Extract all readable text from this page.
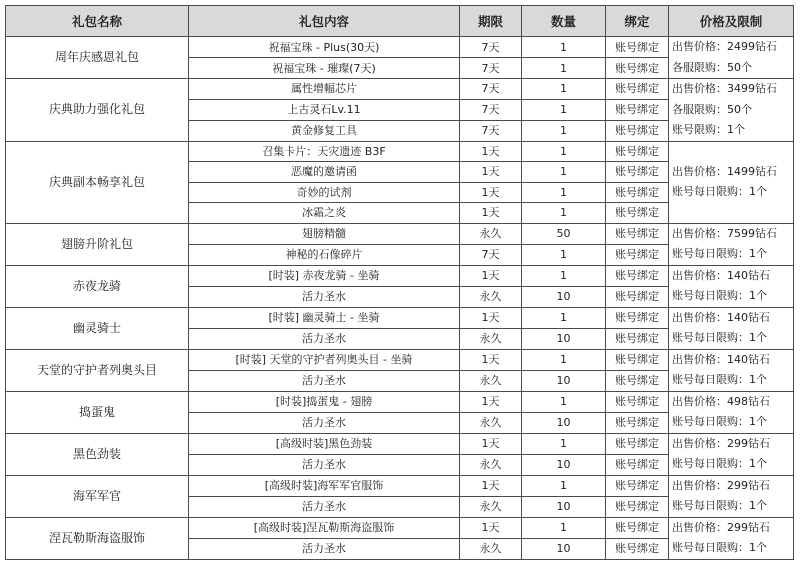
礼包名称	礼包内容	期限	数量	绑定	价格及限制
周年庆感恩礼包	祝福宝珠 - Plus(30天)	7天	1	账号绑定	出售价格：2499钻石
各服限购：50个

	祝福宝珠 - 璀璨(7天)	7天	1	账号绑定	
庆典助力强化礼包	属性增幅芯片	7天	1	账号绑定	出售价格：3499钻石
各服限购：50个
账号限购：1个

	上古灵石Lv.11	7天	1	账号绑定	
	黄金修复工具	7天	1	账号绑定	
庆典副本畅享礼包	召集卡片：天灾遗迹 B3F	1天	1	账号绑定	出售价格：1499钻石
账号每日限购：1个

	恶魔的邀请函	1天	1	账号绑定	
	奇妙的试剂	1天	1	账号绑定	
	冰霜之炎	1天	1	账号绑定	
翅膀升阶礼包	翅膀精髓	永久	50	账号绑定	出售价格：7599钻石
账号每日限购：1个

	神秘的石像碎片	7天	1	账号绑定	
赤夜龙骑	[时装] 赤夜龙骑 - 坐骑	1天	1	账号绑定	出售价格：140钻石
账号每日限购：1个

	活力圣水	永久	10	账号绑定	
幽灵骑士	[时装] 幽灵骑士 - 坐骑	1天	1	账号绑定	出售价格：140钻石
账号每日限购：1个

	活力圣水	永久	10	账号绑定	
天堂的守护者列奥头目	[时装] 天堂的守护者列奥头目 - 坐骑	1天	1	账号绑定	出售价格：140钻石
账号每日限购：1个

	活力圣水	永久	10	账号绑定	
捣蛋鬼	[时装]捣蛋鬼 - 翅膀	1天	1	账号绑定	出售价格：498钻石
账号每日限购：1个

	活力圣水	永久	10	账号绑定	
黑色劲装	[高级时装]黑色劲装	1天	1	账号绑定	出售价格：299钻石
账号每日限购：1个

	活力圣水	永久	10	账号绑定	
海军军官	[高级时装]海军军官服饰	1天	1	账号绑定	出售价格：299钻石
账号每日限购：1个

	活力圣水	永久	10	账号绑定	
涅瓦勒斯海盗服饰	[高级时装]涅瓦勒斯海盗服饰	1天	1	账号绑定	出售价格：299钻石
账号每日限购：1个

	活力圣水	永久	10	账号绑定	
